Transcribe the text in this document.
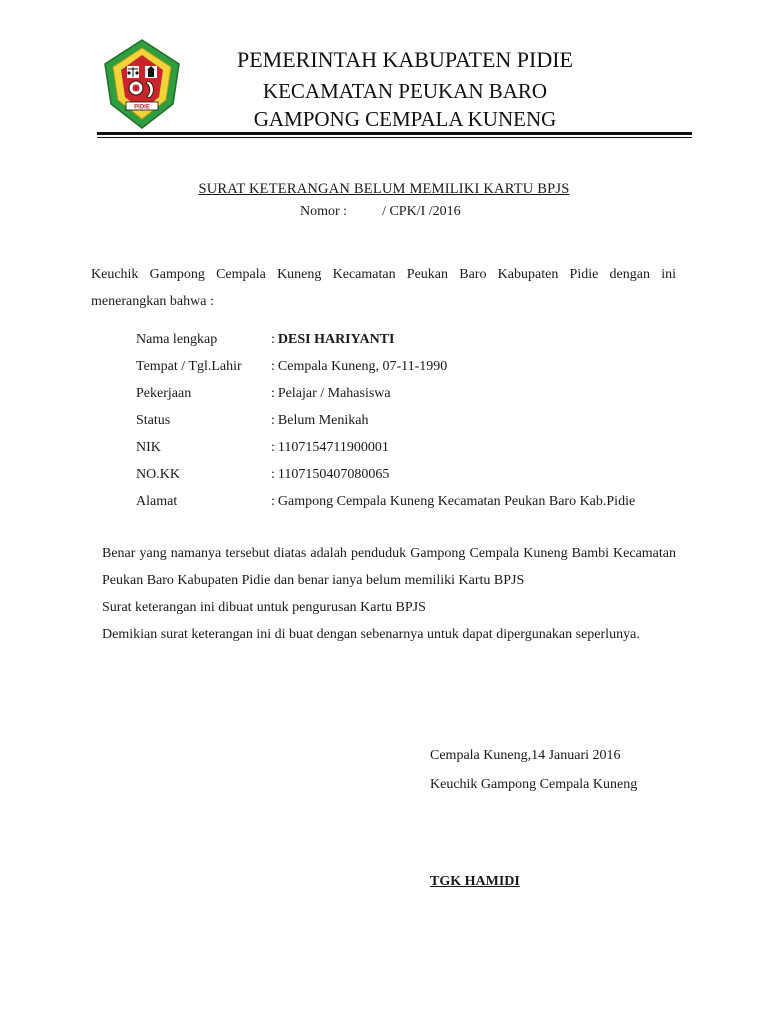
PIDIE
PEMERINTAH KABUPATEN PIDIE
KECAMATAN PEUKAN BARO
GAMPONG CEMPALA KUNENG
SURAT KETERANGAN BELUM MEMILIKI KARTU BPJS
Nomor :	/ CPK/I /2016
Keuchik Gampong Cempala Kuneng Kecamatan Peukan Baro Kabupaten Pidie dengan ini menerangkan bahwa :
Nama lengkap	: DESI HARIYANTI
Tempat / Tgl.Lahir : Cempala Kuneng, 07-11-1990
Pekerjaan	: Pelajar / Mahasiswa
Status	: Belum Menikah
NIK	: 1107154711900001
NO.KK	: 1107150407080065
Alamat	: Gampong Cempala Kuneng Kecamatan Peukan Baro Kab.Pidie
Benar yang namanya tersebut diatas adalah penduduk Gampong Cempala Kuneng Bambi Kecamatan Peukan Baro Kabupaten Pidie dan benar ianya belum memiliki Kartu BPJS
Surat keterangan ini dibuat untuk pengurusan Kartu BPJS
Demikian surat keterangan ini di buat dengan sebenarnya untuk dapat dipergunakan seperlunya.
Cempala Kuneng,14 Januari 2016
Keuchik Gampong Cempala Kuneng
TGK HAMIDI
